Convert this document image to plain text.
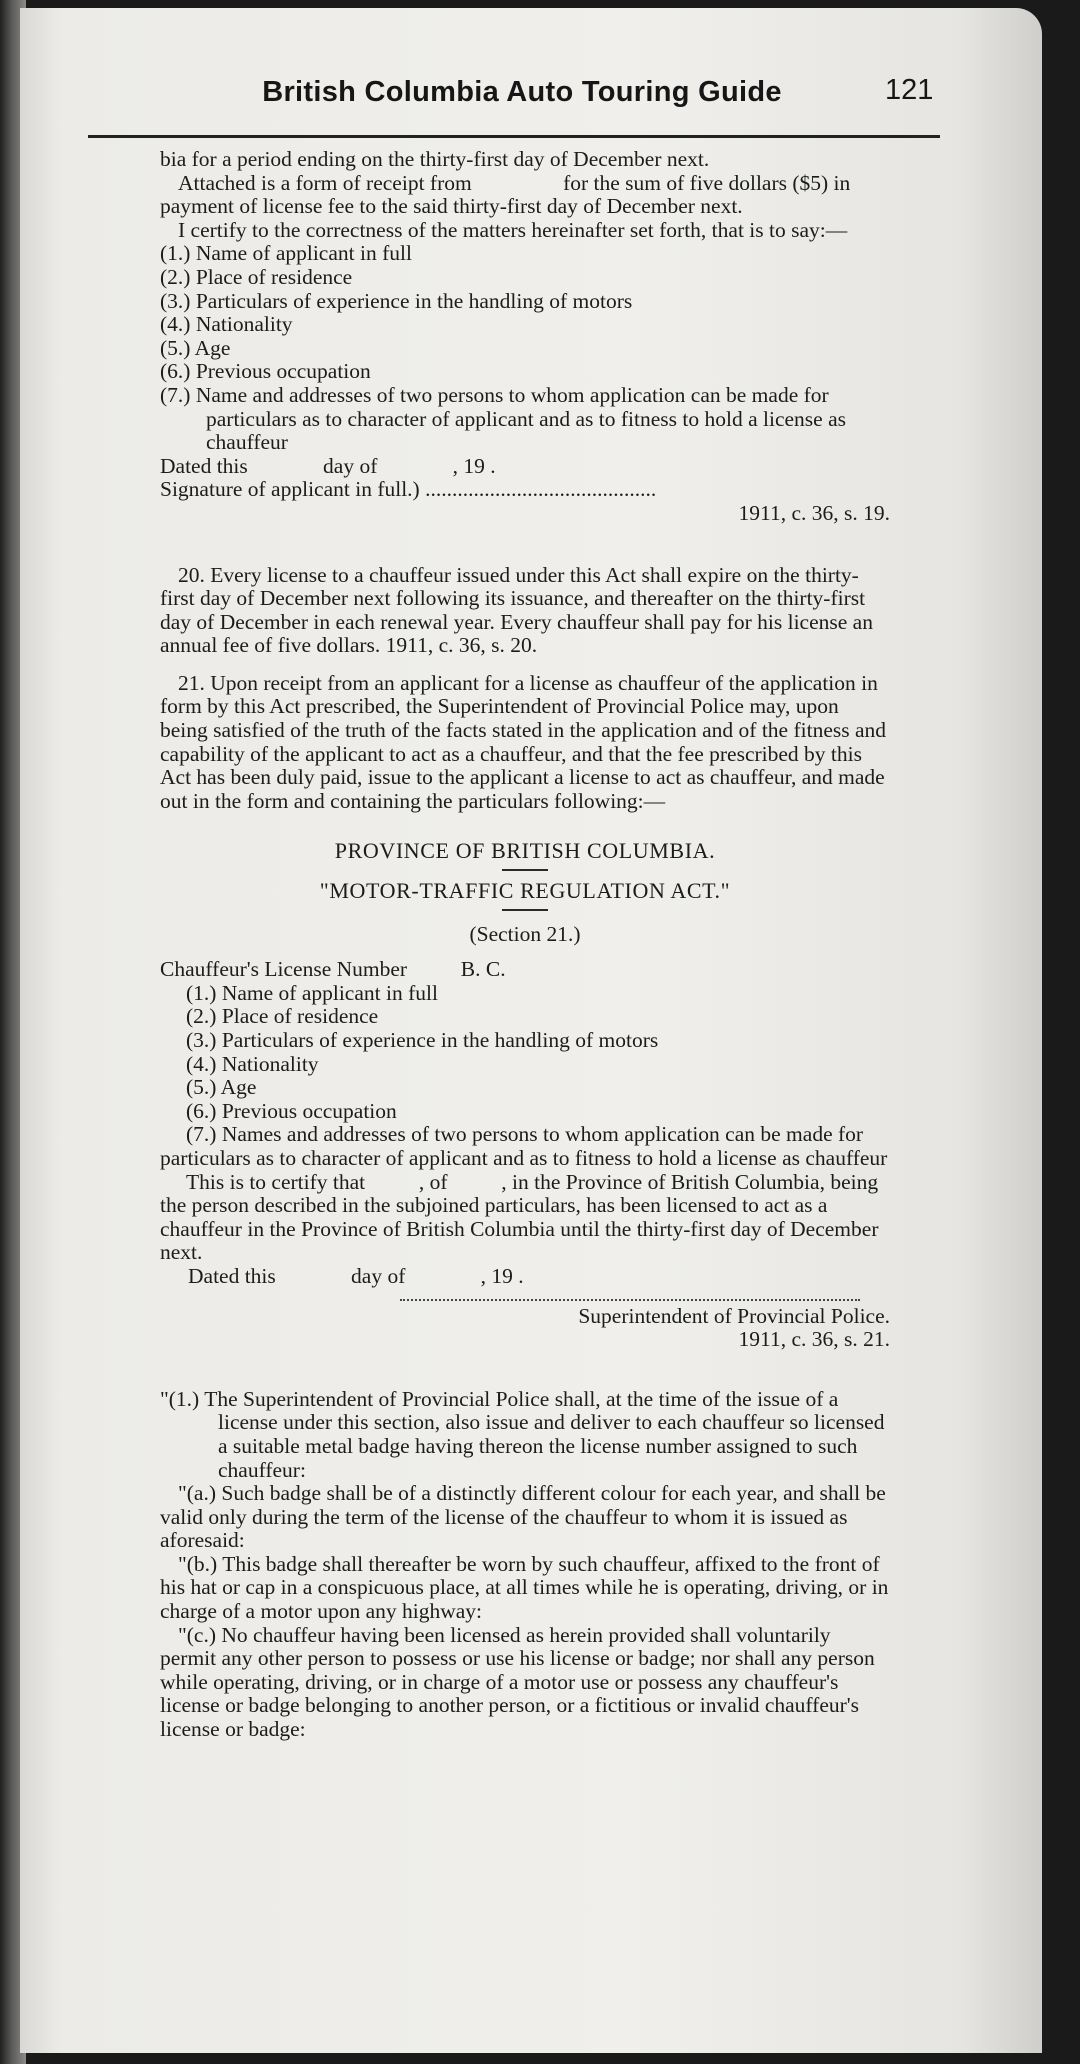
British Columbia Auto Touring Guide	121

bia for a period ending on the thirty-first day of December next.

Attached is a form of receipt from                 for the sum of five dollars ($5) in payment of license fee to the said thirty-first day of December next.

I certify to the correctness of the matters hereinafter set forth, that is to say:—

(1.) Name of applicant in full

(2.) Place of residence

(3.) Particulars of experience in the handling of motors

(4.) Nationality

(5.) Age

(6.) Previous occupation

(7.) Name and addresses of two persons to whom application can be made for particulars as to character of applicant and as to fitness to hold a license as chauffeur

Dated this              day of              , 19 .

Signature of applicant in full.) ...........................................

1911, c. 36, s. 19.

20. Every license to a chauffeur issued under this Act shall expire on the thirty-first day of December next following its issuance, and thereafter on the thirty-first day of December in each renewal year. Every chauffeur shall pay for his license an annual fee of five dollars. 1911, c. 36, s. 20.

21. Upon receipt from an applicant for a license as chauffeur of the application in form by this Act prescribed, the Superintendent of Provincial Police may, upon being satisfied of the truth of the facts stated in the application and of the fitness and capability of the applicant to act as a chauffeur, and that the fee prescribed by this Act has been duly paid, issue to the applicant a license to act as chauffeur, and made out in the form and containing the particulars following:—

PROVINCE OF BRITISH COLUMBIA.

"MOTOR-TRAFFIC REGULATION ACT."

(Section 21.)

Chauffeur's License Number          B. C.

(1.) Name of applicant in full

(2.) Place of residence

(3.) Particulars of experience in the handling of motors

(4.) Nationality

(5.) Age

(6.) Previous occupation

(7.) Names and addresses of two persons to whom application can be made for particulars as to character of applicant and as to fitness to hold a license as chauffeur

This is to certify that          , of          , in the Province of British Columbia, being the person described in the subjoined particulars, has been licensed to act as a chauffeur in the Province of British Columbia until the thirty-first day of December next.

Dated this              day of              , 19 .

Superintendent of Provincial Police.

1911, c. 36, s. 21.

"(1.) The Superintendent of Provincial Police shall, at the time of the issue of a license under this section, also issue and deliver to each chauffeur so licensed a suitable metal badge having thereon the license number assigned to such chauffeur:

"(a.) Such badge shall be of a distinctly different colour for each year, and shall be valid only during the term of the license of the chauffeur to whom it is issued as aforesaid:

"(b.) This badge shall thereafter be worn by such chauffeur, affixed to the front of his hat or cap in a conspicuous place, at all times while he is operating, driving, or in charge of a motor upon any highway:

"(c.) No chauffeur having been licensed as herein provided shall voluntarily permit any other person to possess or use his license or badge; nor shall any person while operating, driving, or in charge of a motor use or possess any chauffeur's license or badge belonging to another person, or a fictitious or invalid chauffeur's license or badge:
